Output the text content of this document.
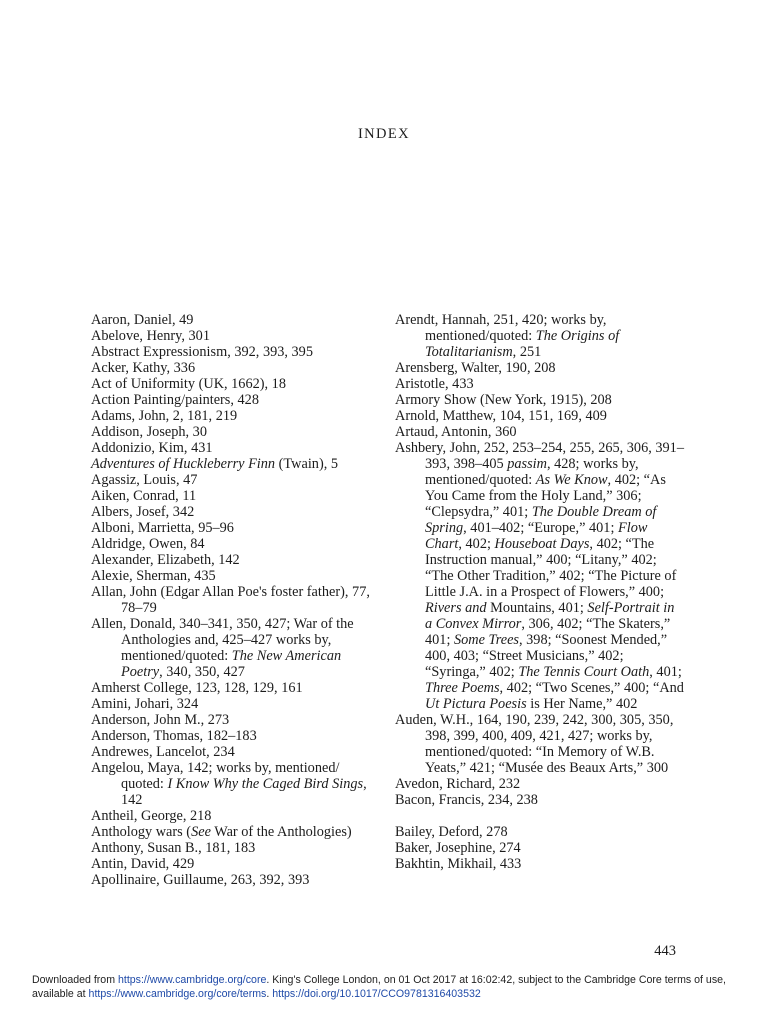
INDEX

Aaron, Daniel, 49

Abelove, Henry, 301

Abstract Expressionism, 392, 393, 395

Acker, Kathy, 336

Act of Uniformity (UK, 1662), 18

Action Painting/painters, 428

Adams, John, 2, 181, 219

Addison, Joseph, 30

Addonizio, Kim, 431

Adventures of Huckleberry Finn (Twain), 5

Agassiz, Louis, 47

Aiken, Conrad, 11

Albers, Josef, 342

Alboni, Marrietta, 95–96

Aldridge, Owen, 84

Alexander, Elizabeth, 142

Alexie, Sherman, 435

Allan, John (Edgar Allan Poe's foster father), 77, 78–79

Allen, Donald, 340–341, 350, 427; War of the Anthologies and, 425–427 works by, mentioned/quoted: The New American Poetry, 340, 350, 427

Amherst College, 123, 128, 129, 161

Amini, Johari, 324

Anderson, John M., 273

Anderson, Thomas, 182–183

Andrewes, Lancelot, 234

Angelou, Maya, 142; works by, mentioned/ quoted: I Know Why the Caged Bird Sings, 142

Antheil, George, 218

Anthology wars (See War of the Anthologies)

Anthony, Susan B., 181, 183

Antin, David, 429

Apollinaire, Guillaume, 263, 392, 393

Arendt, Hannah, 251, 420; works by, mentioned/quoted: The Origins of Totalitarianism, 251

Arensberg, Walter, 190, 208

Aristotle, 433

Armory Show (New York, 1915), 208

Arnold, Matthew, 104, 151, 169, 409

Artaud, Antonin, 360

Ashbery, John, 252, 253–254, 255, 265, 306, 391–393, 398–405 passim, 428; works by, mentioned/quoted: As We Know, 402; “As You Came from the Holy Land,” 306; “Clepsydra,” 401; The Double Dream of Spring, 401–402; “Europe,” 401; Flow Chart, 402; Houseboat Days, 402; “The Instruction manual,” 400; “Litany,” 402; “The Other Tradition,” 402; “The Picture of Little J.A. in a Prospect of Flowers,” 400; Rivers and Mountains, 401; Self-Portrait in a Convex Mirror, 306, 402; “The Skaters,” 401; Some Trees, 398; “Soonest Mended,” 400, 403; “Street Musicians,” 402; “Syringa,” 402; The Tennis Court Oath, 401; Three Poems, 402; “Two Scenes,” 400; “And Ut Pictura Poesis is Her Name,” 402

Auden, W.H., 164, 190, 239, 242, 300, 305, 350, 398, 399, 400, 409, 421, 427; works by, mentioned/quoted: “In Memory of W.B. Yeats,” 421; “Musée des Beaux Arts,” 300

Avedon, Richard, 232

Bacon, Francis, 234, 238

Bailey, Deford, 278

Baker, Josephine, 274

Bakhtin, Mikhail, 433

443
Downloaded from https://www.cambridge.org/core. King's College London, on 01 Oct 2017 at 16:02:42, subject to the Cambridge Core terms of use, available at https://www.cambridge.org/core/terms. https://doi.org/10.1017/CCO9781316403532
